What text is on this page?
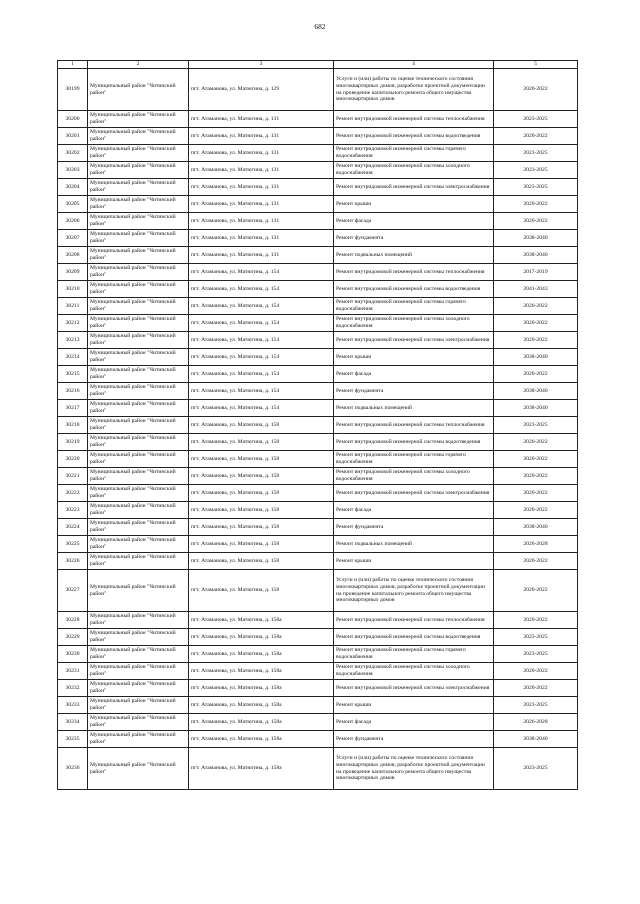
682
1	2	3	4	5
30199	Муниципальный район "Читинский район"	пгт. Атаманова, ул. Матюгина, д. 129	Услуги и (или) работы по оценке технического состояния многоквартирных домов, разработке проектной документации на проведение капитального ремонта общего имущества многоквартирных домов	2020-2022
30200	Муниципальный район "Читинский район"	пгт. Атаманова, ул. Матюгина, д. 131	Ремонт внутридомовой инженерной системы теплоснабжения	2023-2025
30201	Муниципальный район "Читинский район"	пгт. Атаманова, ул. Матюгина, д. 131	Ремонт внутридомовой инженерной системы водоотведения	2020-2022
30202	Муниципальный район "Читинский район"	пгт. Атаманова, ул. Матюгина, д. 131	Ремонт внутридомовой инженерной системы горячего водоснабжения	2023-2025
30203	Муниципальный район "Читинский район"	пгт. Атаманова, ул. Матюгина, д. 131	Ремонт внутридомовой инженерной системы холодного водоснабжения	2023-2025
30204	Муниципальный район "Читинский район"	пгт. Атаманова, ул. Матюгина, д. 131	Ремонт внутридомовой инженерной системы электроснабжения	2023-2025
30205	Муниципальный район "Читинский район"	пгт. Атаманова, ул. Матюгина, д. 131	Ремонт крыши	2020-2022
30206	Муниципальный район "Читинский район"	пгт. Атаманова, ул. Матюгина, д. 131	Ремонт фасада	2020-2022
30207	Муниципальный район "Читинский район"	пгт. Атаманова, ул. Матюгина, д. 131	Ремонт фундамента	2038-2040
30208	Муниципальный район "Читинский район"	пгт. Атаманова, ул. Матюгина, д. 131	Ремонт подвальных помещений	2038-2040
30209	Муниципальный район "Читинский район"	пгт. Атаманова, ул. Матюгина, д. 154	Ремонт внутридомовой инженерной системы теплоснабжения	2017-2019
30210	Муниципальный район "Читинский район"	пгт. Атаманова, ул. Матюгина, д. 154	Ремонт внутридомовой инженерной системы водоотведения	2041-2043
30211	Муниципальный район "Читинский район"	пгт. Атаманова, ул. Матюгина, д. 154	Ремонт внутридомовой инженерной системы горячего водоснабжения	2020-2022
30212	Муниципальный район "Читинский район"	пгт. Атаманова, ул. Матюгина, д. 154	Ремонт внутридомовой инженерной системы холодного водоснабжения	2020-2022
30213	Муниципальный район "Читинский район"	пгт. Атаманова, ул. Матюгина, д. 154	Ремонт внутридомовой инженерной системы электроснабжения	2020-2022
30214	Муниципальный район "Читинский район"	пгт. Атаманова, ул. Матюгина, д. 154	Ремонт крыши	2038-2040
30215	Муниципальный район "Читинский район"	пгт. Атаманова, ул. Матюгина, д. 154	Ремонт фасада	2020-2022
30216	Муниципальный район "Читинский район"	пгт. Атаманова, ул. Матюгина, д. 154	Ремонт фундамента	2038-2040
30217	Муниципальный район "Читинский район"	пгт. Атаманова, ул. Матюгина, д. 154	Ремонт подвальных помещений	2038-2040
30218	Муниципальный район "Читинский район"	пгт. Атаманова, ул. Матюгина, д. 158	Ремонт внутридомовой инженерной системы теплоснабжения	2023-2025
30219	Муниципальный район "Читинский район"	пгт. Атаманова, ул. Матюгина, д. 158	Ремонт внутридомовой инженерной системы водоотведения	2020-2022
30220	Муниципальный район "Читинский район"	пгт. Атаманова, ул. Матюгина, д. 158	Ремонт внутридомовой инженерной системы горячего водоснабжения	2020-2022
30221	Муниципальный район "Читинский район"	пгт. Атаманова, ул. Матюгина, д. 158	Ремонт внутридомовой инженерной системы холодного водоснабжения	2020-2022
30222	Муниципальный район "Читинский район"	пгт. Атаманова, ул. Матюгина, д. 158	Ремонт внутридомовой инженерной системы электроснабжения	2020-2022
30223	Муниципальный район "Читинский район"	пгт. Атаманова, ул. Матюгина, д. 158	Ремонт фасада	2020-2022
30224	Муниципальный район "Читинский район"	пгт. Атаманова, ул. Матюгина, д. 158	Ремонт фундамента	2038-2040
30225	Муниципальный район "Читинский район"	пгт. Атаманова, ул. Матюгина, д. 158	Ремонт подвальных помещений	2026-2028
30226	Муниципальный район "Читинский район"	пгт. Атаманова, ул. Матюгина, д. 158	Ремонт крыши	2020-2022
30227	Муниципальный район "Читинский район"	пгт. Атаманова, ул. Матюгина, д. 158	Услуги и (или) работы по оценке технического состояния многоквартирных домов, разработке проектной документации на проведение капитального ремонта общего имущества многоквартирных домов	2020-2022
30228	Муниципальный район "Читинский район"	пгт. Атаманова, ул. Матюгина, д. 158а	Ремонт внутридомовой инженерной системы теплоснабжения	2020-2022
30229	Муниципальный район "Читинский район"	пгт. Атаманова, ул. Матюгина, д. 158а	Ремонт внутридомовой инженерной системы водоотведения	2023-2025
30230	Муниципальный район "Читинский район"	пгт. Атаманова, ул. Матюгина, д. 158а	Ремонт внутридомовой инженерной системы горячего водоснабжения	2023-2025
30231	Муниципальный район "Читинский район"	пгт. Атаманова, ул. Матюгина, д. 158а	Ремонт внутридомовой инженерной системы холодного водоснабжения	2020-2022
30232	Муниципальный район "Читинский район"	пгт. Атаманова, ул. Матюгина, д. 158а	Ремонт внутридомовой инженерной системы электроснабжения	2020-2022
30233	Муниципальный район "Читинский район"	пгт. Атаманова, ул. Матюгина, д. 158а	Ремонт крыши	2023-2025
30234	Муниципальный район "Читинский район"	пгт. Атаманова, ул. Матюгина, д. 158а	Ремонт фасада	2026-2028
30235	Муниципальный район "Читинский район"	пгт. Атаманова, ул. Матюгина, д. 158а	Ремонт фундамента	2038-2040
30236	Муниципальный район "Читинский район"	пгт. Атаманова, ул. Матюгина, д. 158а	Услуги и (или) работы по оценке технического состояния многоквартирных домов, разработке проектной документации на проведение капитального ремонта общего имущества многоквартирных домов	2023-2025
